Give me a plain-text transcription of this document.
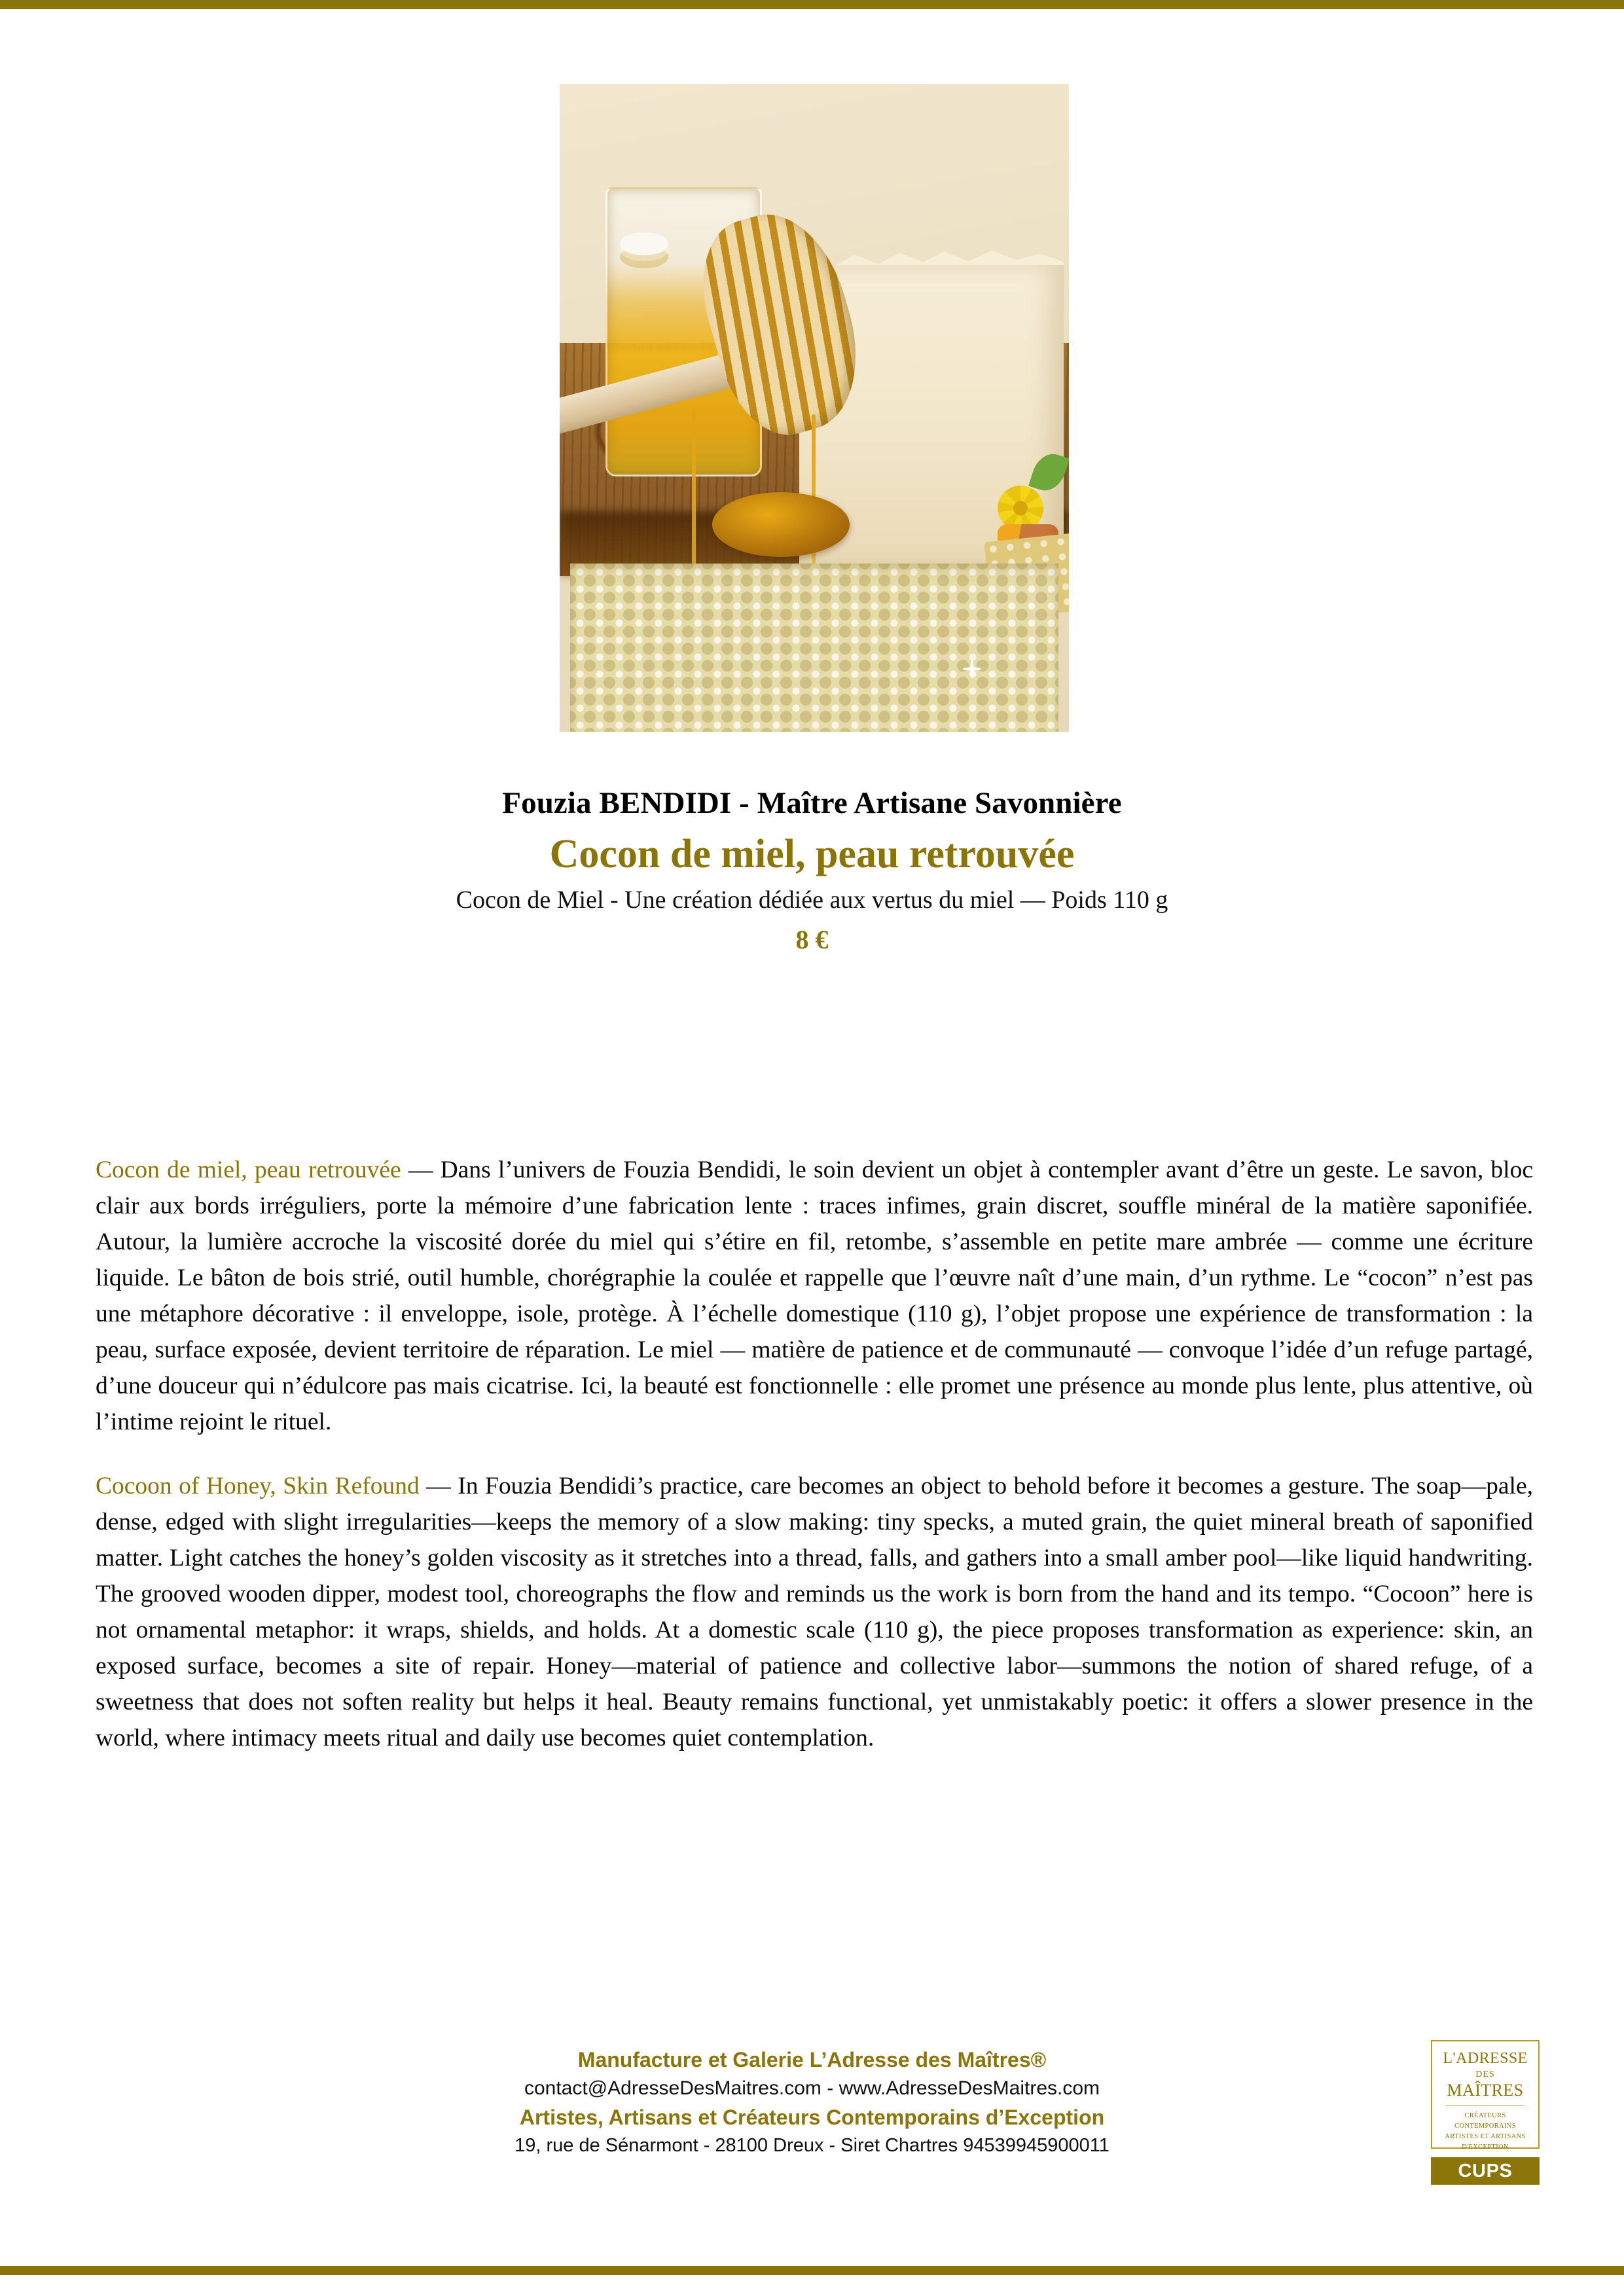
Fouzia BENDIDI - Maître Artisane Savonnière
Cocon de miel, peau retrouvée
Cocon de Miel - Une création dédiée aux vertus du miel — Poids 110 g
8 €

Cocon de miel, peau retrouvée — Dans l’univers de Fouzia Bendidi, le soin devient un objet à contempler avant d’être un geste. Le savon, bloc clair aux bords irréguliers, porte la mémoire d’une fabrication lente : traces infimes, grain discret, souffle minéral de la matière saponifiée. Autour, la lumière accroche la viscosité dorée du miel qui s’étire en fil, retombe, s’assemble en petite mare ambrée — comme une écriture liquide. Le bâton de bois strié, outil humble, chorégraphie la coulée et rappelle que l’œuvre naît d’une main, d’un rythme. Le “cocon” n’est pas une métaphore décorative : il enveloppe, isole, protège. À l’échelle domestique (110 g), l’objet propose une expérience de transformation : la peau, surface exposée, devient territoire de réparation. Le miel — matière de patience et de communauté — convoque l’idée d’un refuge partagé, d’une douceur qui n’édulcore pas mais cicatrise. Ici, la beauté est fonctionnelle : elle promet une présence au monde plus lente, plus attentive, où l’intime rejoint le rituel.

Cocoon of Honey, Skin Refound — In Fouzia Bendidi’s practice, care becomes an object to behold before it becomes a gesture. The soap—pale, dense, edged with slight irregularities—keeps the memory of a slow making: tiny specks, a muted grain, the quiet mineral breath of saponified matter. Light catches the honey’s golden viscosity as it stretches into a thread, falls, and gathers into a small amber pool—like liquid handwriting. The grooved wooden dipper, modest tool, choreographs the flow and reminds us the work is born from the hand and its tempo. “Cocoon” here is not ornamental metaphor: it wraps, shields, and holds. At a domestic scale (110 g), the piece proposes transformation as experience: skin, an exposed surface, becomes a site of repair. Honey—material of patience and collective labor—summons the notion of shared refuge, of a sweetness that does not soften reality but helps it heal. Beauty remains functional, yet unmistakably poetic: it offers a slower presence in the world, where intimacy meets ritual and daily use becomes quiet contemplation.

Manufacture et Galerie L’Adresse des Maîtres®
contact@AdresseDesMaitres.com - www.AdresseDesMaitres.com
Artistes, Artisans et Créateurs Contemporains d’Exception
19, rue de Sénarmont - 28100 Dreux - Siret Chartres 94539945900011
L'ADRESSE
DES
MAÎTRES
CRÉATEURS CONTEMPORAINS
ARTISTES ET ARTISANS
D'EXCEPTION
CUPS
